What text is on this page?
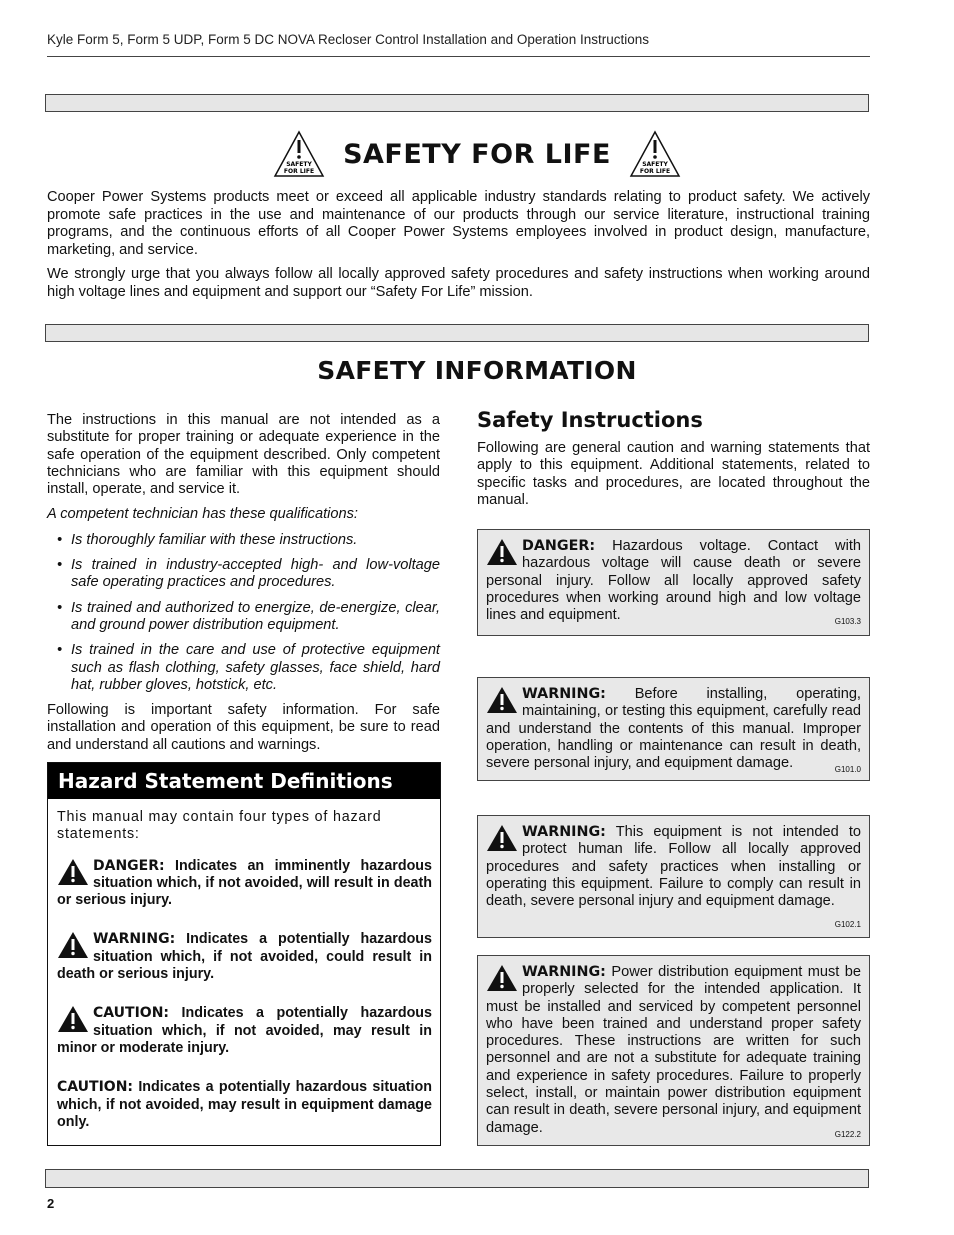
Kyle Form 5, Form 5 UDP, Form 5 DC NOVA Recloser Control Installation and Operation Instructions
SAFETY
FOR LIFE
SAFETY FOR LIFE	SAFETY
FOR LIFE
Cooper Power Systems products meet or exceed all applicable industry standards relating to product safety. We actively promote safe practices in the use and maintenance of our products through our service literature, instructional training programs, and the continuous efforts of all Cooper Power Systems employees involved in product design, manufacture, marketing, and service.
We strongly urge that you always follow all locally approved safety procedures and safety instructions when working around high voltage lines and equipment and support our “Safety For Life” mission.
SAFETY INFORMATION

The instructions in this manual are not intended as a substitute for proper training or adequate experience in the safe operation of the equipment described. Only competent technicians who are familiar with this equipment should install, operate, and service it.

A competent technician has these qualifications:

• Is thoroughly familiar with these instructions.
• Is trained in industry-accepted high- and low-voltage safe operating practices and procedures.
• Is trained and authorized to energize, de-energize, clear, and ground power distribution equipment.
• Is trained in the care and use of protective equipment such as flash clothing, safety glasses, face shield, hard hat, rubber gloves, hotstick, etc.

Following is important safety information. For safe installation and operation of this equipment, be sure to read and understand all cautions and warnings.

Hazard Statement Definitions
This manual may contain four types of hazard statements:
DANGER: Indicates an imminently hazardous situation which, if not avoided, will result in death or serious injury.
WARNING: Indicates a potentially hazardous situation which, if not avoided, could result in death or serious injury.
CAUTION: Indicates a potentially hazardous situation which, if not avoided, may result in minor or moderate injury.
CAUTION: Indicates a potentially hazardous situation which, if not avoided, may result in equipment damage only.
Safety Instructions

Following are general caution and warning statements that apply to this equipment. Additional statements, related to specific tasks and procedures, are located throughout the manual.

DANGER: Hazardous voltage. Contact with hazardous voltage will cause death or severe personal injury. Follow all locally approved safety procedures when working around high and low voltage lines and equipment.	G103.3
WARNING: Before installing, operating, maintaining, or testing this equipment, carefully read and understand the contents of this manual. Improper operation, handling or maintenance can result in death, severe personal injury, and equipment damage.	G101.0
WARNING: This equipment is not intended to protect human life. Follow all locally approved procedures and safety practices when installing or operating this equipment. Failure to comply can result in death, severe personal injury and equipment damage.
G102.1
WARNING: Power distribution equipment must be properly selected for the intended application. It must be installed and serviced by competent personnel who have been trained and understand proper safety procedures. These instructions are written for such personnel and are not a substitute for adequate training and experience in safety procedures. Failure to properly select, install, or maintain power distribution equipment can result in death, severe personal injury, and equipment damage.	G122.2
2
